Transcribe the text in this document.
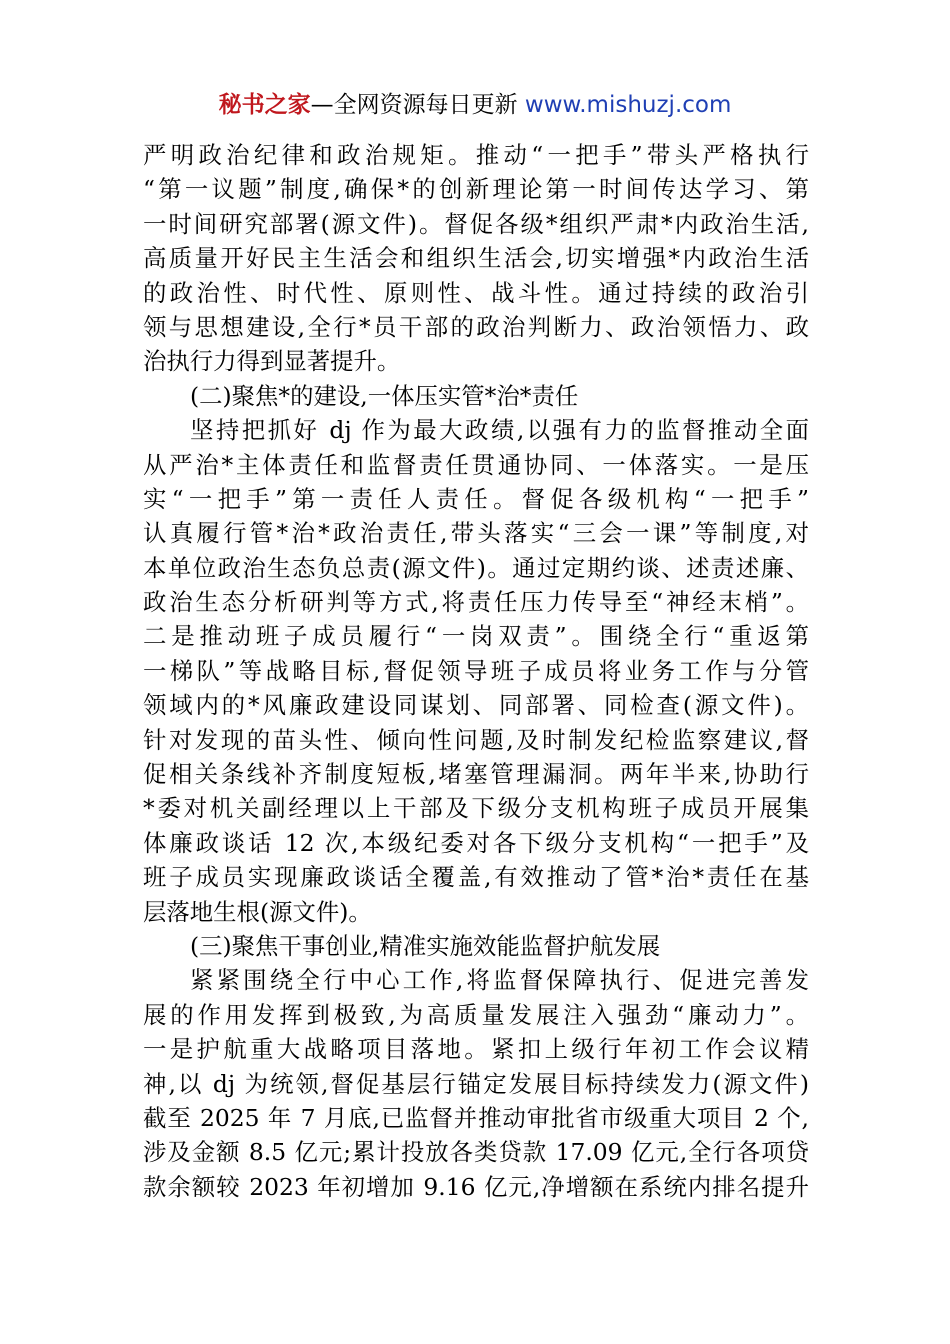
秘书之家—全网资源每日更新 www.mishuzj.com
严明政治纪律和政治规矩。推动“一把手”带头严格执行
“第一议题”制度,确保*的创新理论第一时间传达学习、第
一时间研究部署(源文件)。督促各级*组织严肃*内政治生活,
高质量开好民主生活会和组织生活会,切实增强*内政治生活
的政治性、时代性、原则性、战斗性。通过持续的政治引
领与思想建设,全行*员干部的政治判断力、政治领悟力、政
治执行力得到显著提升。
(二)聚焦*的建设,一体压实管*治*责任
坚持把抓好 dj 作为最大政绩,以强有力的监督推动全面
从严治*主体责任和监督责任贯通协同、一体落实。一是压
实“一把手”第一责任人责任。督促各级机构“一把手”
认真履行管*治*政治责任,带头落实“三会一课”等制度,对
本单位政治生态负总责(源文件)。通过定期约谈、述责述廉、
政治生态分析研判等方式,将责任压力传导至“神经末梢”。
二是推动班子成员履行“一岗双责”。围绕全行“重返第
一梯队”等战略目标,督促领导班子成员将业务工作与分管
领域内的*风廉政建设同谋划、同部署、同检查(源文件)。
针对发现的苗头性、倾向性问题,及时制发纪检监察建议,督
促相关条线补齐制度短板,堵塞管理漏洞。两年半来,协助行
*委对机关副经理以上干部及下级分支机构班子成员开展集
体廉政谈话 12 次,本级纪委对各下级分支机构“一把手”及
班子成员实现廉政谈话全覆盖,有效推动了管*治*责任在基
层落地生根(源文件)。
(三)聚焦干事创业,精准实施效能监督护航发展
紧紧围绕全行中心工作,将监督保障执行、促进完善发
展的作用发挥到极致,为高质量发展注入强劲“廉动力”。
一是护航重大战略项目落地。紧扣上级行年初工作会议精
神,以 dj 为统领,督促基层行锚定发展目标持续发力(源文件)
截至 2025 年 7 月底,已监督并推动审批省市级重大项目 2 个,
涉及金额 8.5 亿元;累计投放各类贷款 17.09 亿元,全行各项贷
款余额较 2023 年初增加 9.16 亿元,净增额在系统内排名提升
